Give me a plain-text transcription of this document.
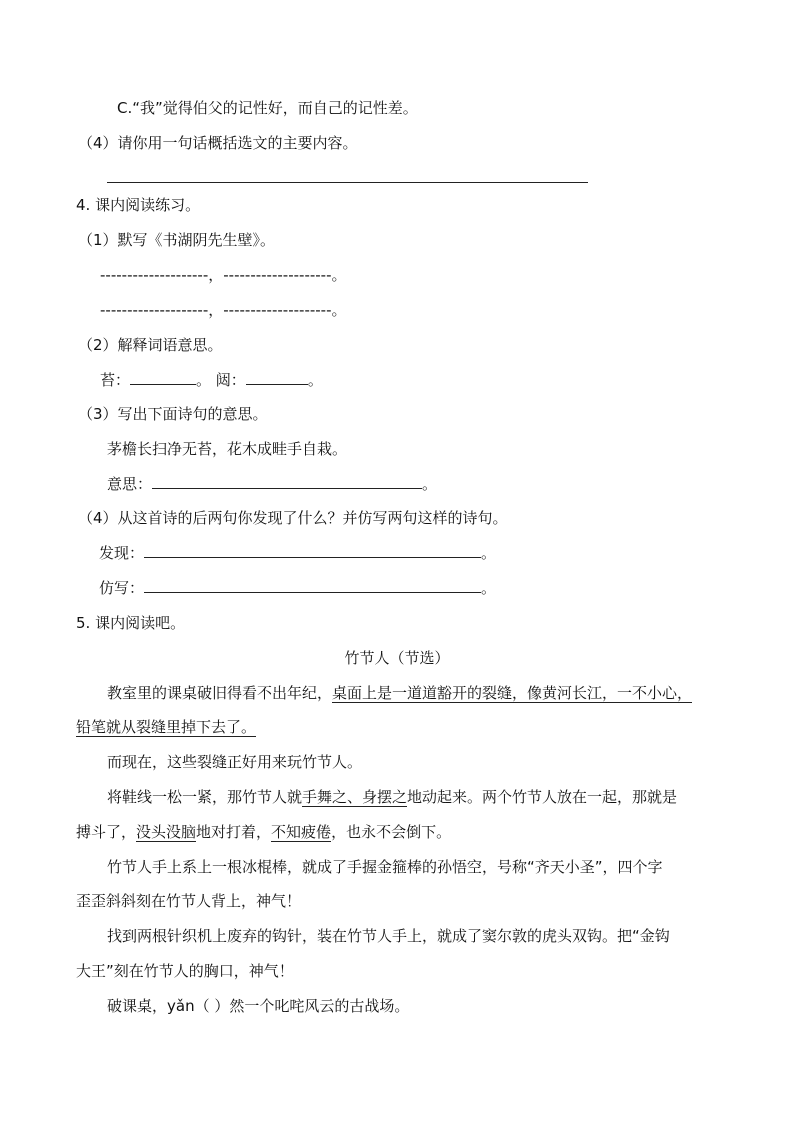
C.“我”觉得伯父的记性好，而自己的记性差。
（4）请你用一句话概括选文的主要内容。
4. 课内阅读练习。
（1）默写《书湖阴先生壁》。
--------------------，--------------------。
--------------------，--------------------。
（2）解释词语意思。
苔：	。 闼：	。
（3）写出下面诗句的意思。
茅檐长扫净无苔，花木成畦手自栽。
意思：	。
（4）从这首诗的后两句你发现了什么？并仿写两句这样的诗句。
发现：	。
仿写：	。
5. 课内阅读吧。
竹节人（节选）
教室里的课桌破旧得看不出年纪，桌面上是一道道豁开的裂缝，像黄河长江，一不小心，
铅笔就从裂缝里掉下去了。
而现在，这些裂缝正好用来玩竹节人。
将鞋线一松一紧，那竹节人就手舞之、身摆之地动起来。两个竹节人放在一起，那就是
搏斗了，没头没脑地对打着，不知疲倦，也永不会倒下。
竹节人手上系上一根冰棍棒，就成了手握金箍棒的孙悟空，号称“齐天小圣”，四个字
歪歪斜斜刻在竹节人背上，神气！
找到两根针织机上废弃的钩针，装在竹节人手上，就成了窦尔敦的虎头双钩。把“金钩
大王”刻在竹节人的胸口，神气！
破课桌，yǎn（ ）然一个叱咤风云的古战场。
